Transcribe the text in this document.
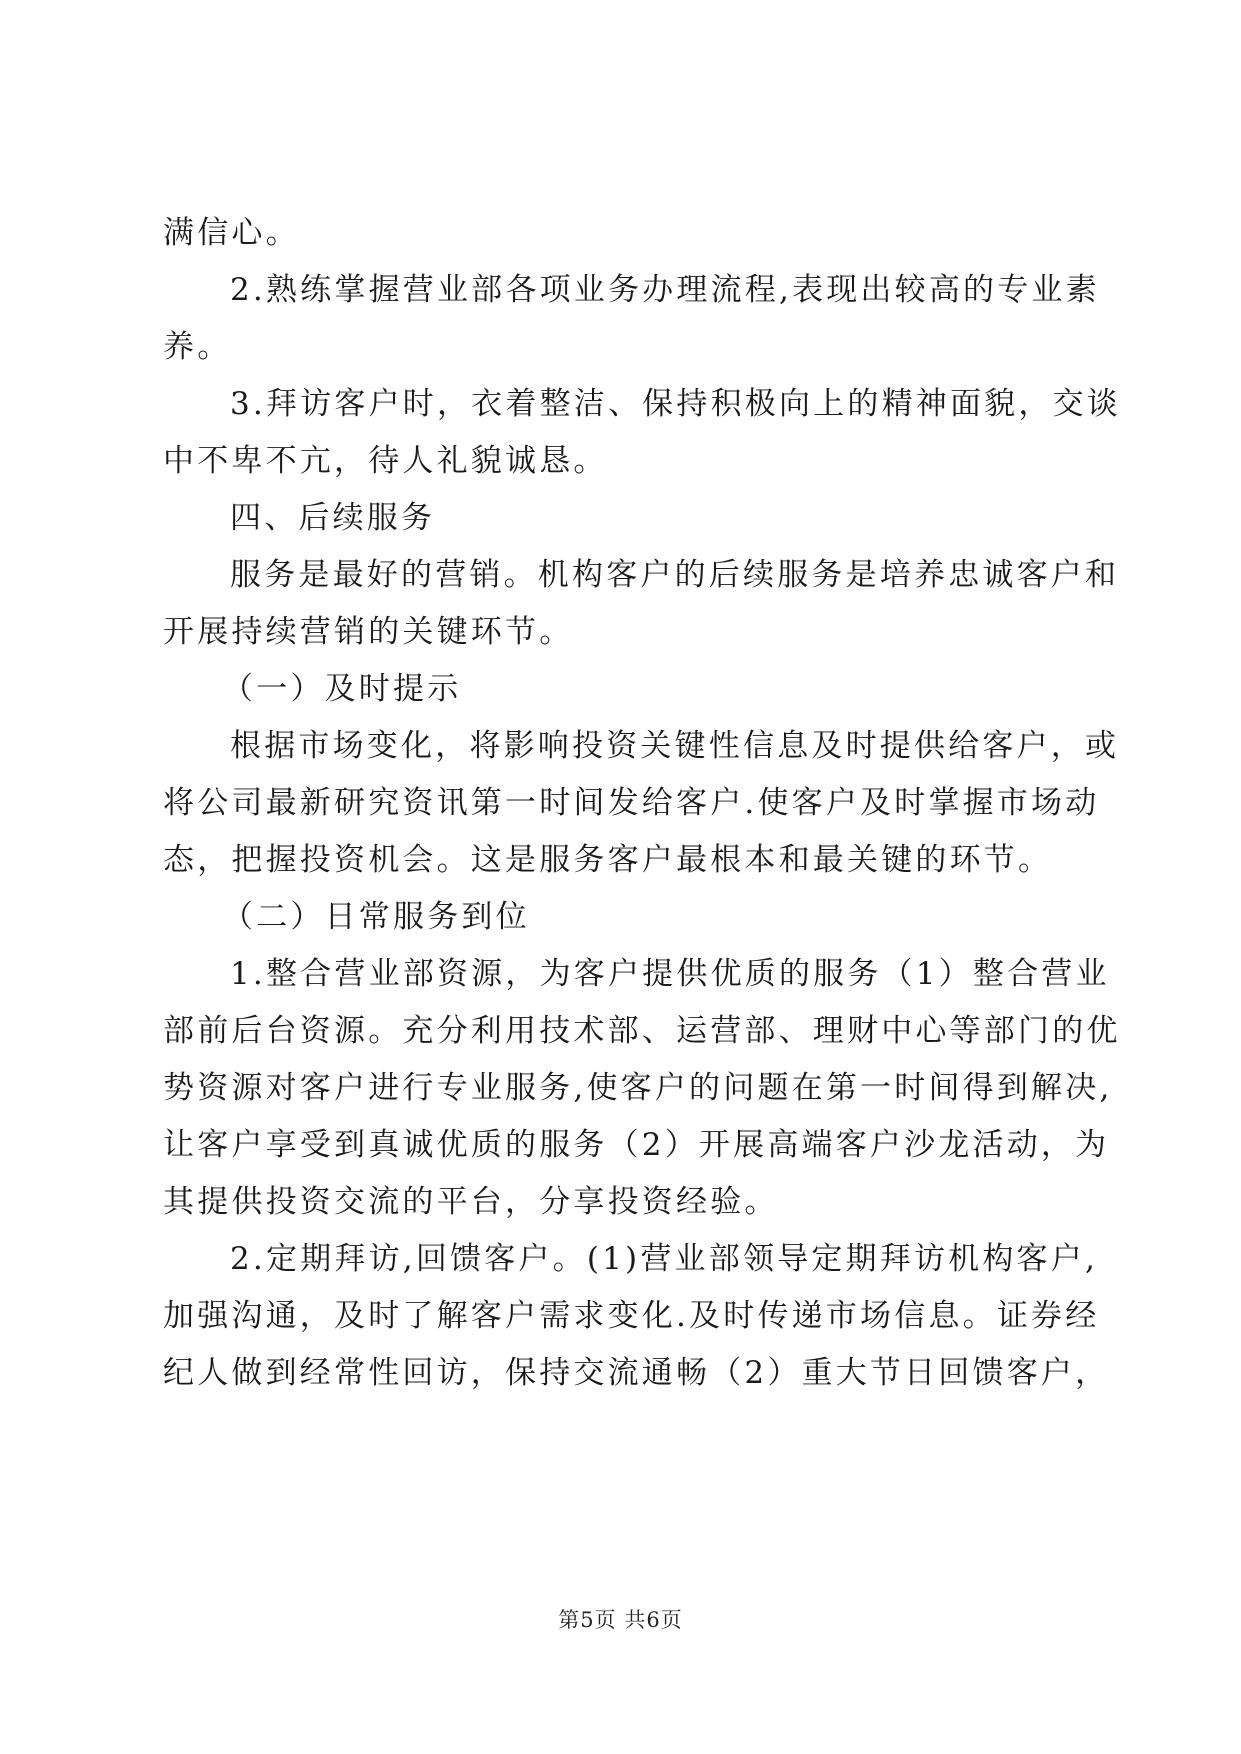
满信心。
2.熟练掌握营业部各项业务办理流程,表现出较高的专业素
养。
3.拜访客户时，衣着整洁、保持积极向上的精神面貌，交谈
中不卑不亢，待人礼貌诚恳。
四、后续服务
服务是最好的营销。机构客户的后续服务是培养忠诚客户和
开展持续营销的关键环节。
（一）及时提示
根据市场变化，将影响投资关键性信息及时提供给客户，或
将公司最新研究资讯第一时间发给客户.使客户及时掌握市场动
态，把握投资机会。这是服务客户最根本和最关键的环节。
（二）日常服务到位
1.整合营业部资源，为客户提供优质的服务（1）整合营业
部前后台资源。充分利用技术部、运营部、理财中心等部门的优
势资源对客户进行专业服务,使客户的问题在第一时间得到解决,
让客户享受到真诚优质的服务（2）开展高端客户沙龙活动，为
其提供投资交流的平台，分享投资经验。
2.定期拜访,回馈客户。(1)营业部领导定期拜访机构客户,
加强沟通，及时了解客户需求变化.及时传递市场信息。证券经
纪人做到经常性回访，保持交流通畅（2）重大节日回馈客户，
第5页 共6页
